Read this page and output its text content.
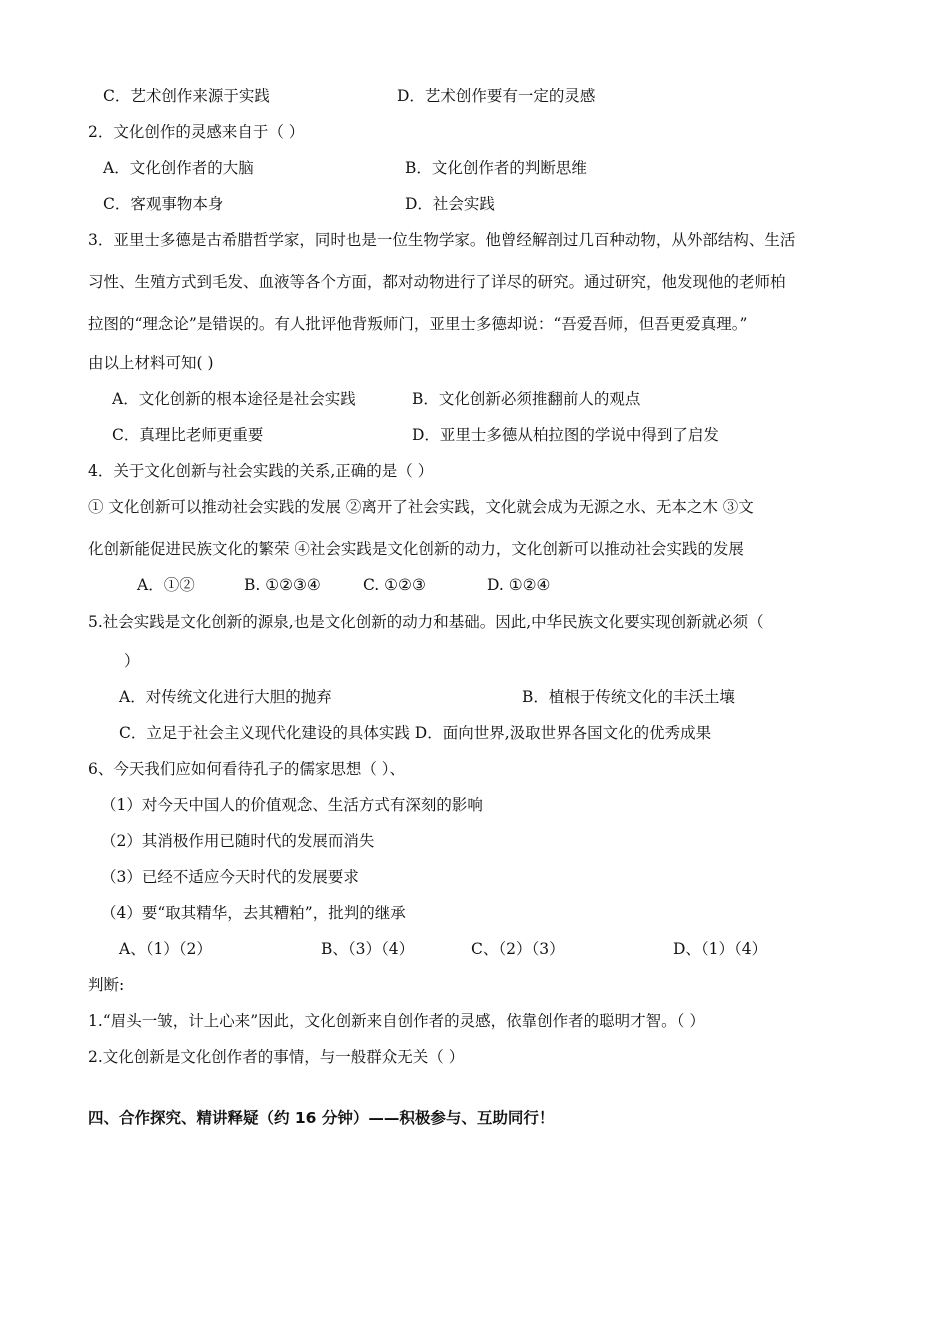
C．艺术创作来源于实践	D．艺术创作要有一定的灵感
2．文化创作的灵感来自于（ ）
A．文化创作者的大脑	B．文化创作者的判断思维
C．客观事物本身	D．社会实践
3．亚里士多德是古希腊哲学家，同时也是一位生物学家。他曾经解剖过几百种动物，从外部结构、生活
习性、生殖方式到毛发、血液等各个方面，都对动物进行了详尽的研究。通过研究，他发现他的老师柏
拉图的“理念论”是错误的。有人批评他背叛师门，亚里士多德却说：“吾爱吾师，但吾更爱真理。”
由以上材料可知( )
A．文化创新的根本途径是社会实践	B．文化创新必须推翻前人的观点
C．真理比老师更重要	D．亚里士多德从柏拉图的学说中得到了启发
4．关于文化创新与社会实践的关系,正确的是（ ）
① 文化创新可以推动社会实践的发展 ②离开了社会实践，文化就会成为无源之水、无本之木 ③文
化创新能促进民族文化的繁荣 ④社会实践是文化创新的动力，文化创新可以推动社会实践的发展
A．①②	B. ①②③④	C. ①②③	D. ①②④
5.社会实践是文化创新的源泉,也是文化创新的动力和基础。因此,中华民族文化要实现创新就必须（
）
A．对传统文化进行大胆的抛弃	B．植根于传统文化的丰沃土壤
C．立足于社会主义现代化建设的具体实践 D．面向世界,汲取世界各国文化的优秀成果
6、今天我们应如何看待孔子的儒家思想（ ）、
（1）对今天中国人的价值观念、生活方式有深刻的影响
（2）其消极作用已随时代的发展而消失
（3）已经不适应今天时代的发展要求
（4）要“取其精华，去其糟粕”，批判的继承
A、（1）（2）	B、（3）（4）	C、（2）（3）	D、（1）（4）
判断:
1.“眉头一皱，计上心来”因此，文化创新来自创作者的灵感，依靠创作者的聪明才智。（ ）
2.文化创新是文化创作者的事情，与一般群众无关（ ）
四、合作探究、精讲释疑（约 16 分钟）——积极参与、互助同行！
